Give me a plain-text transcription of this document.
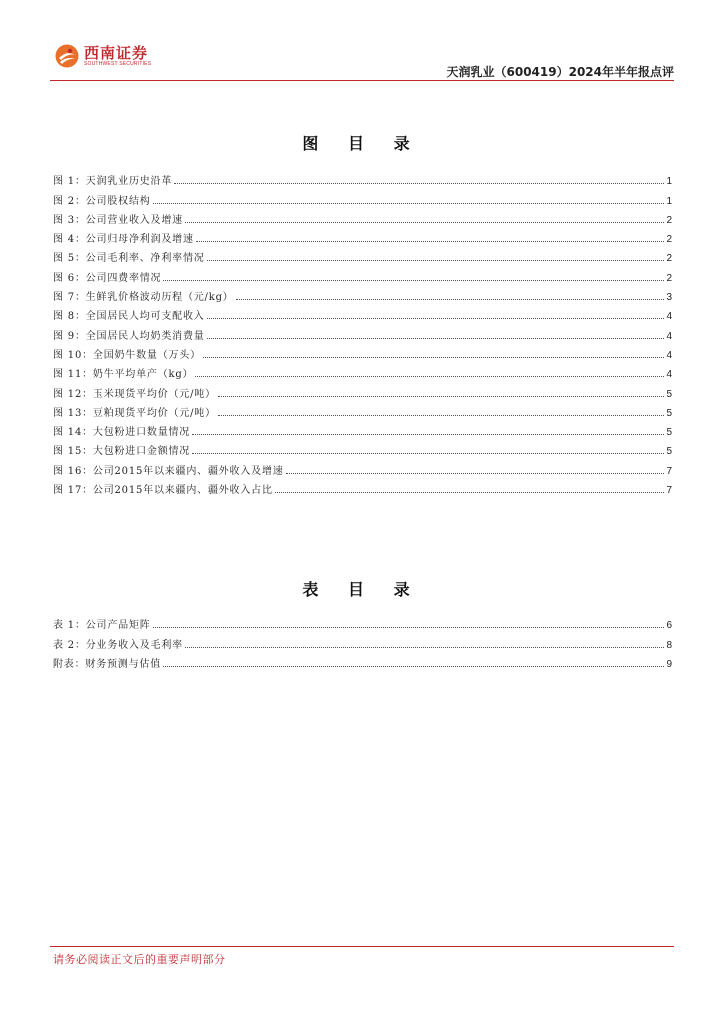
西南证券
SOUTHWEST SECURITIES
天润乳业（600419）2024年半年报点评
图 目 录
图 1：天润乳业历史沿革	1
图 2：公司股权结构	1
图 3：公司营业收入及增速	2
图 4：公司归母净利润及增速	2
图 5：公司毛利率、净利率情况	2
图 6：公司四费率情况	2
图 7：生鲜乳价格波动历程（元/kg）	3
图 8：全国居民人均可支配收入	4
图 9：全国居民人均奶类消费量	4
图 10：全国奶牛数量（万头）	4
图 11：奶牛平均单产（kg）	4
图 12：玉米现货平均价（元/吨）	5
图 13：豆粕现货平均价（元/吨）	5
图 14：大包粉进口数量情况	5
图 15：大包粉进口金额情况	5
图 16：公司2015年以来疆内、疆外收入及增速	7
图 17：公司2015年以来疆内、疆外收入占比	7
表 目 录
表 1：公司产品矩阵	6
表 2：分业务收入及毛利率	8
附表：财务预测与估值	9
请务必阅读正文后的重要声明部分
